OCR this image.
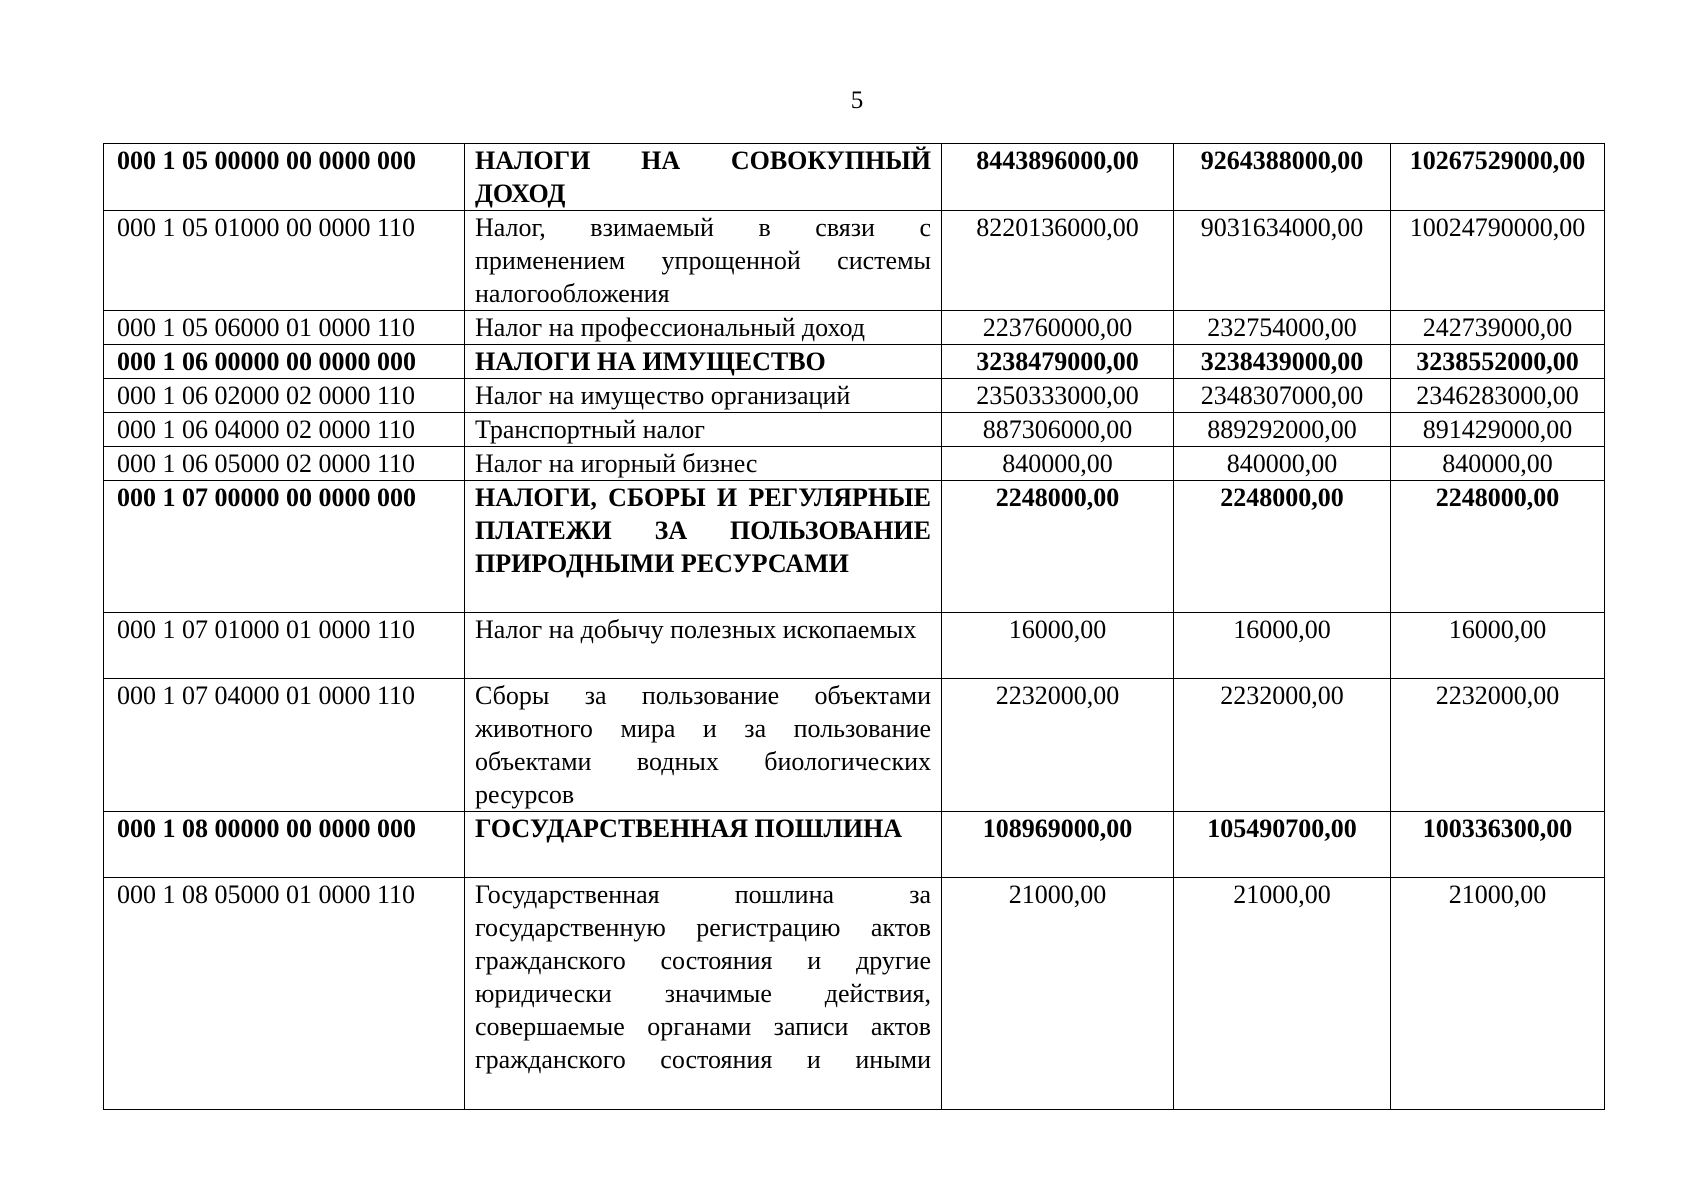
5
000 1 05 00000 00 0000 000	НАЛОГИ НА СОВОКУПНЫЙ ДОХОД	8443896000,00	9264388000,00	10267529000,00
000 1 05 01000 00 0000 110	Налог, взимаемый в связи с применением упрощенной системы налогообложения	8220136000,00	9031634000,00	10024790000,00
000 1 05 06000 01 0000 110	Налог на профессиональный доход	223760000,00	232754000,00	242739000,00
000 1 06 00000 00 0000 000	НАЛОГИ НА ИМУЩЕСТВО	3238479000,00	3238439000,00	3238552000,00
000 1 06 02000 02 0000 110	Налог на имущество организаций	2350333000,00	2348307000,00	2346283000,00
000 1 06 04000 02 0000 110	Транспортный налог	887306000,00	889292000,00	891429000,00
000 1 06 05000 02 0000 110	Налог на игорный бизнес	840000,00	840000,00	840000,00
000 1 07 00000 00 0000 000	НАЛОГИ, СБОРЫ И РЕГУЛЯРНЫЕ ПЛАТЕЖИ ЗА ПОЛЬЗОВАНИЕ ПРИРОДНЫМИ РЕСУРСАМИ	2248000,00	2248000,00	2248000,00
000 1 07 01000 01 0000 110	Налог на добычу полезных ископаемых	16000,00	16000,00	16000,00
000 1 07 04000 01 0000 110	Сборы за пользование объектами животного мира и за пользование объектами водных биологических ресурсов	2232000,00	2232000,00	2232000,00
000 1 08 00000 00 0000 000	ГОСУДАРСТВЕННАЯ ПОШЛИНА	108969000,00	105490700,00	100336300,00
000 1 08 05000 01 0000 110	Государственная пошлина за государственную регистрацию актов гражданского состояния и другие юридически значимые действия, совершаемые органами записи актов гражданского состояния и иными	21000,00	21000,00	21000,00
